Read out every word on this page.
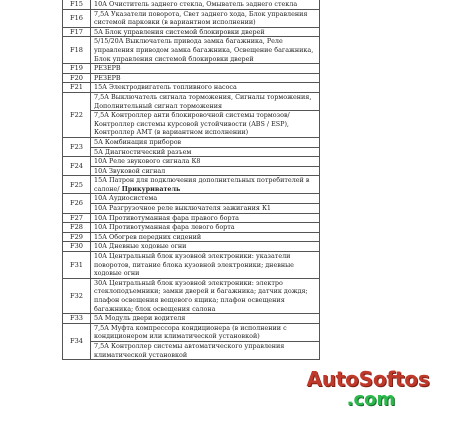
F15	10А Очиститель заднего стекла, Омыватель заднего стекла
F16	7,5А Указатели поворота, Свет заднего хода, Блок управления системой парковки (в вариантном исполнении)
F17	5А Блок управления системой блокировки дверей
F18	5/15/20А Выключатель привода замка багажника, Реле управления приводом замка багажника, Освещение багажника, Блок управления системой блокировки дверей
F19	РЕЗЕРВ
F20	РЕЗЕРВ
F21	15А Электродвигатель топливного насоса
F22	7,5А Выключатель сигнала торможения, Сигналы торможения, Дополнительный сигнал торможения
	7,5А Контроллер анти блокировочной системы тормозов/ Контроллер системы курсовой устойчивости (ABS / ESP), Контроллер АМТ (в вариантном исполнении)
F23	5А Комбинация приборов
	5А Диагностический разъем
F24	10А Реле звукового сигнала К8
	10А Звуковой сигнал
F25	15А Патрон для подключения дополнительных потребителей в салоне/ Прикуриватель
F26	10А Аудиосистема
	10А Разгрузочное реле выключателя зажигания К1
F27	10А Противотуманная фара правого борта
F28	10А Противотуманная фара левого борта
F29	15А Обогрев передних сидений
F30	10А Дневные ходовые огни
F31	10А Центральный блок кузовной электроники: указатели поворотов, питание блока кузовной электроники; дневные ходовые огни
F32	30А Центральный блок кузовной электроники: электро стеклоподъемники; замки дверей и багажника; датчик дождя; плафон освещения вещевого ящика; плафон освещения багажника; блок освещения салона
F33	5А Модуль двери водителя
F34	7,5А Муфта компрессора кондиционера (в исполнении с кондиционером или климатической установкой)
	7,5А Контроллер системы автоматического управления климатической установкой
AutoSoftos
.com
